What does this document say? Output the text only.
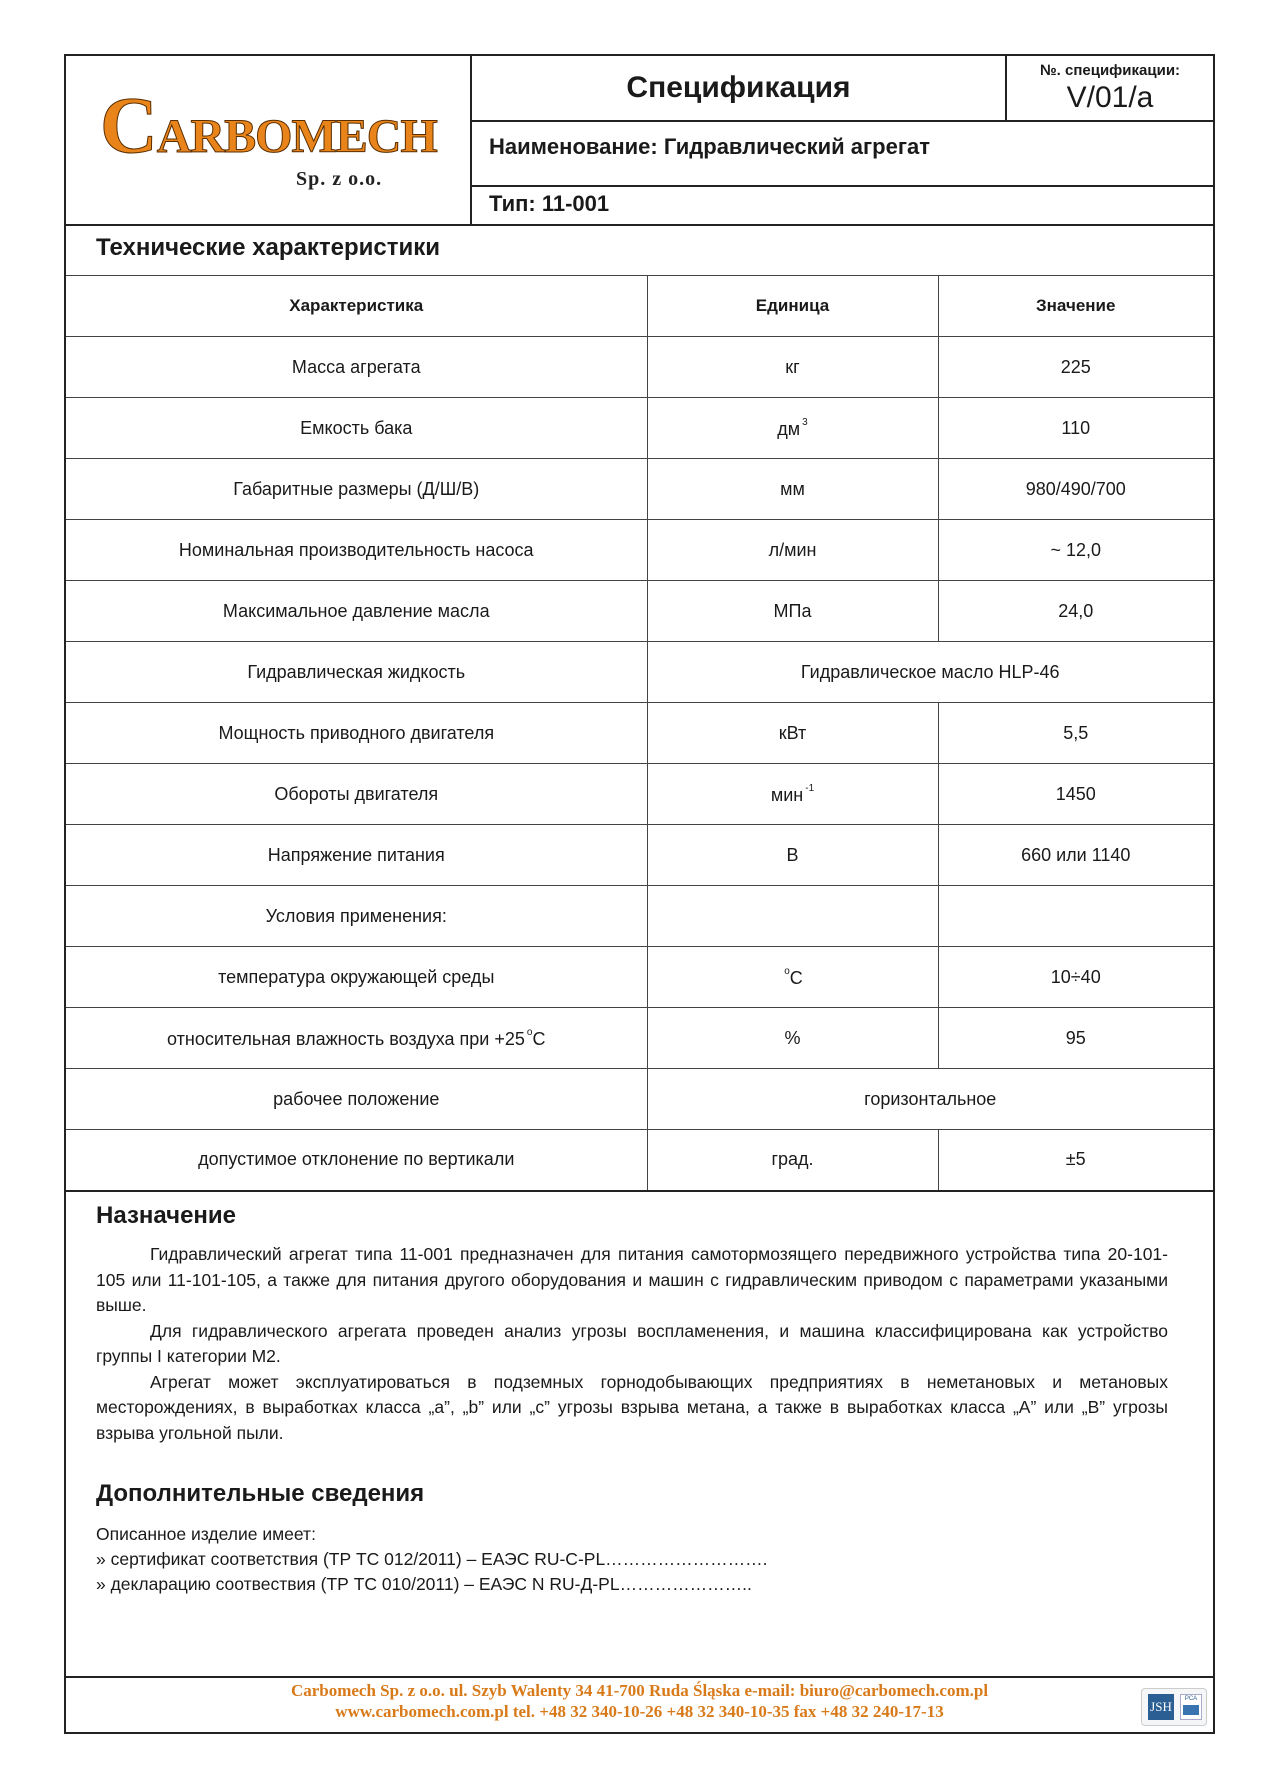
CARBOMECH
Sp. z o.o.
Спецификация
№. спецификации:
V/01/a
Наименование: Гидравлический агрегат
Тип: 11-001
Технические характеристики
Характеристика	Единица	Значение
Масса агрегата	кг	225
Емкость бака	дм $^3$	110
Габаритные размеры (Д/Ш/В)	мм	980/490/700
Номинальная производительность насоса	л/мин	~ 12,0
Максимальное давление масла	МПа	24,0
Гидравлическая жидкость	Гидравлическое масло HLP-46	
Мощность приводного двигателя	кВт	5,5
Обороты двигателя	мин $^{-1}$	1450
Напряжение питания	В	660 или 1140
Условия применения:		
температура окружающей среды	$^o$C	10÷40
относительная влажность воздуха при +25 $^o$C	%	95
рабочее положение	горизонтальное	
допустимое отклонение по вертикали	град.	±5
Назначение

Гидравлический агрегат типа 11-001 предназначен для питания самотормозящего передвижного устройства типа 20-101-105 или 11-101-105, а также для питания другого оборудования и машин с гидравлическим приводом с параметрами указаными выше.

Для гидравлического агрегата проведен анализ угрозы воспламенения, и машина классифицирована как устройство группы I категории M2.

Агрегат может эксплуатироваться в подземных горнодобывающих предприятиях в неметановых и метановых месторождениях, в выработках класса „a”, „b” или „c” угрозы взрыва метана, а также в выработках класса „A” или „B” угрозы взрыва угольной пыли.

Дополнительные сведения
Описанное изделие имеет:
» сертификат соответствия (ТР ТС 012/2011) – ЕАЭС RU-C-PL……………………….
» декларацию соотвествия (ТР ТС 010/2011) – ЕАЭС N RU-Д-PL…………………..
Carbomech Sp. z o.o. ul. Szyb Walenty 34 41-700 Ruda Śląska e-mail: biuro@carbomech.com.pl
www.carbomech.com.pl tel. +48 32 340-10-26 +48 32 340-10-35 fax +48 32 240-17-13	JSH	PCA
